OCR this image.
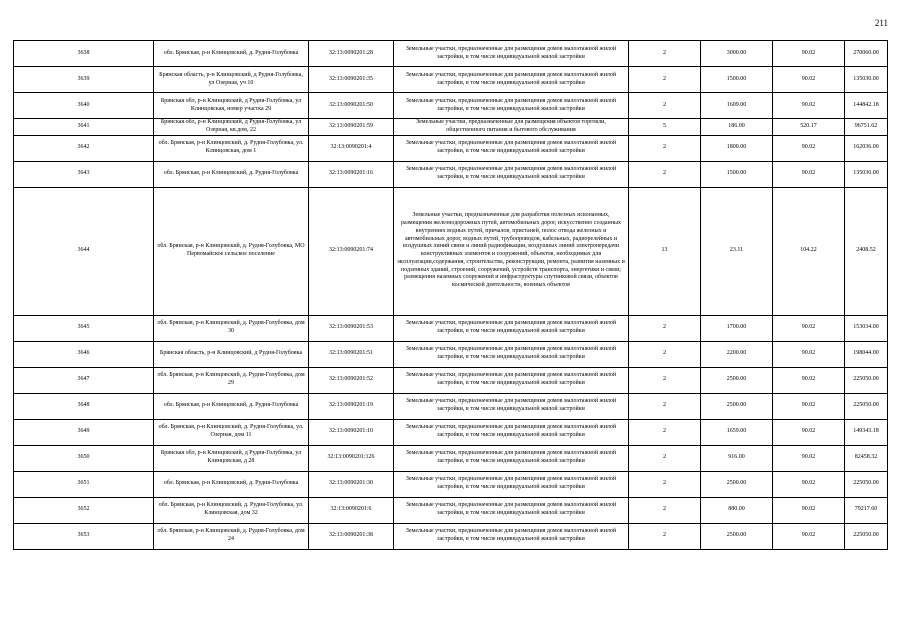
211
3638	обл. Брянская, р-н Клинцовский, д. Рудня-Голубовка	32:13:0090201:28	Земельные участки, предназначенные для размещения домов малоэтажной жилой застройки, в том числе индивидуальной жилой застройки	2	3000.00	90.02	270060.00
3639	Брянская область, р-н Клинцовский, д Рудня-Голубовка, ул Озерная, уч 10	32:13:0090201:35	Земельные участки, предназначенные для размещения домов малоэтажной жилой застройки, в том числе индивидуальной жилой застройки	2	1500.00	90.02	135030.00
3640	Брянская обл, р-н Клинцовский, д Рудня-Голубовка, ул Клинцовская, номер участка 29	32:13:0090201:50	Земельные участки, предназначенные для размещения домов малоэтажной жилой застройки, в том числе индивидуальной жилой застройки	2	1609.00	90.02	144842.18
3641	Брянская обл, р-н Клинцовский, д Рудня-Голубовка, ул Озерная, кв.дом, 22	32:13:0090201:59	Земельные участки, предназначенные для размещения объектов торговли, общественного питания и бытового обслуживания	5	186.00	520.17	96751.62
3642	обл. Брянская, р-н Клинцовский, д. Рудня-Голубовка, ул. Клинцовская, дом 1	32:13:0090201:4	Земельные участки, предназначенные для размещения домов малоэтажной жилой застройки, в том числе индивидуальной жилой застройки	2	1800.00	90.02	162036.00
3643	обл. Брянская, р-н Клинцовский, д. Рудня-Голубовка	32:13:0090201:16	Земельные участки, предназначенные для размещения домов малоэтажной жилой застройки, в том числе индивидуальной жилой застройки	2	1500.00	90.02	135030.00
3644	обл. Брянская, р-н Клинцовский, д. Рудня-Голубовка, МО Первомайское сельское поселение	32:13:0090201:74	Земельные участки, предназначенные для разработки полезных ископаемых, размещения железнодорожных путей, автомобильных дорог, искусственно созданных внутренних водных путей, причалов, пристаней, полос отвода железных и автомобильных дорог, водных путей, трубопроводов, кабельных, радиорелейных и воздушных линий связи и линий радиофикации, воздушных линий электропередачи конструктивных элементов и сооружений, объектов, необходимых для эксплуатации,содержания, строительства, реконструкции, ремонта, развития наземных и подземных зданий, строений, сооружений, устройств транспорта, энергетики и связи; размещения наземных сооружений и инфраструктуры спутниковой связи, объектов космической деятельности, военных объектов	13	23.11	104.22	2408.52
3645	обл. Брянская, р-н Клинцовский, д. Рудня-Голубовка, дом 30	32:13:0090201:53	Земельные участки, предназначенные для размещения домов малоэтажной жилой застройки, в том числе индивидуальной жилой застройки	2	1700.00	90.02	153034.00
3646	Брянская область, р-н Клинцовский, д Рудня-Голубовка	32:13:0090201:51	Земельные участки, предназначенные для размещения домов малоэтажной жилой застройки, в том числе индивидуальной жилой застройки	2	2200.00	90.02	198044.00
3647	обл. Брянская, р-н Клинцовский, д. Рудня-Голубовка, дом 29	32:13:0090201:52	Земельные участки, предназначенные для размещения домов малоэтажной жилой застройки, в том числе индивидуальной жилой застройки	2	2500.00	90.02	225050.00
3648	обл. Брянская, р-н Клинцовский, д. Рудня-Голубовка	32:13:0090201:19	Земельные участки, предназначенные для размещения домов малоэтажной жилой застройки, в том числе индивидуальной жилой застройки	2	2500.00	90.02	225050.00
3649	обл. Брянская, р-н Клинцовский, д. Рудня-Голубовка, ул. Озерная, дом 11	32:13:0090201:10	Земельные участки, предназначенные для размещения домов малоэтажной жилой застройки, в том числе индивидуальной жилой застройки	2	1659.00	90.02	149343.18
3650	Брянская обл, р-н Клинцовский, д Рудня-Голубовка, ул Клинцовская, д 28	32:13:0090201:126	Земельные участки, предназначенные для размещения домов малоэтажной жилой застройки, в том числе индивидуальной жилой застройки	2	916.00	90.02	82458.32
3651	обл. Брянская, р-н Клинцовский, д. Рудня-Голубовка	32:13:0090201:30	Земельные участки, предназначенные для размещения домов малоэтажной жилой застройки, в том числе индивидуальной жилой застройки	2	2500.00	90.02	225050.00
3652	обл. Брянская, р-н Клинцовский, д. Рудня-Голубовка, ул. Клинцовская, дом 32	32:13:0090201:6	Земельные участки, предназначенные для размещения домов малоэтажной жилой застройки, в том числе индивидуальной жилой застройки	2	880.00	90.02	79217.60
3653	обл. Брянская, р-н Клинцовский, д. Рудня-Голубовка, дом 24	32:13:0090201:38	Земельные участки, предназначенные для размещения домов малоэтажной жилой застройки, в том числе индивидуальной жилой застройки	2	2500.00	90.02	225050.00
